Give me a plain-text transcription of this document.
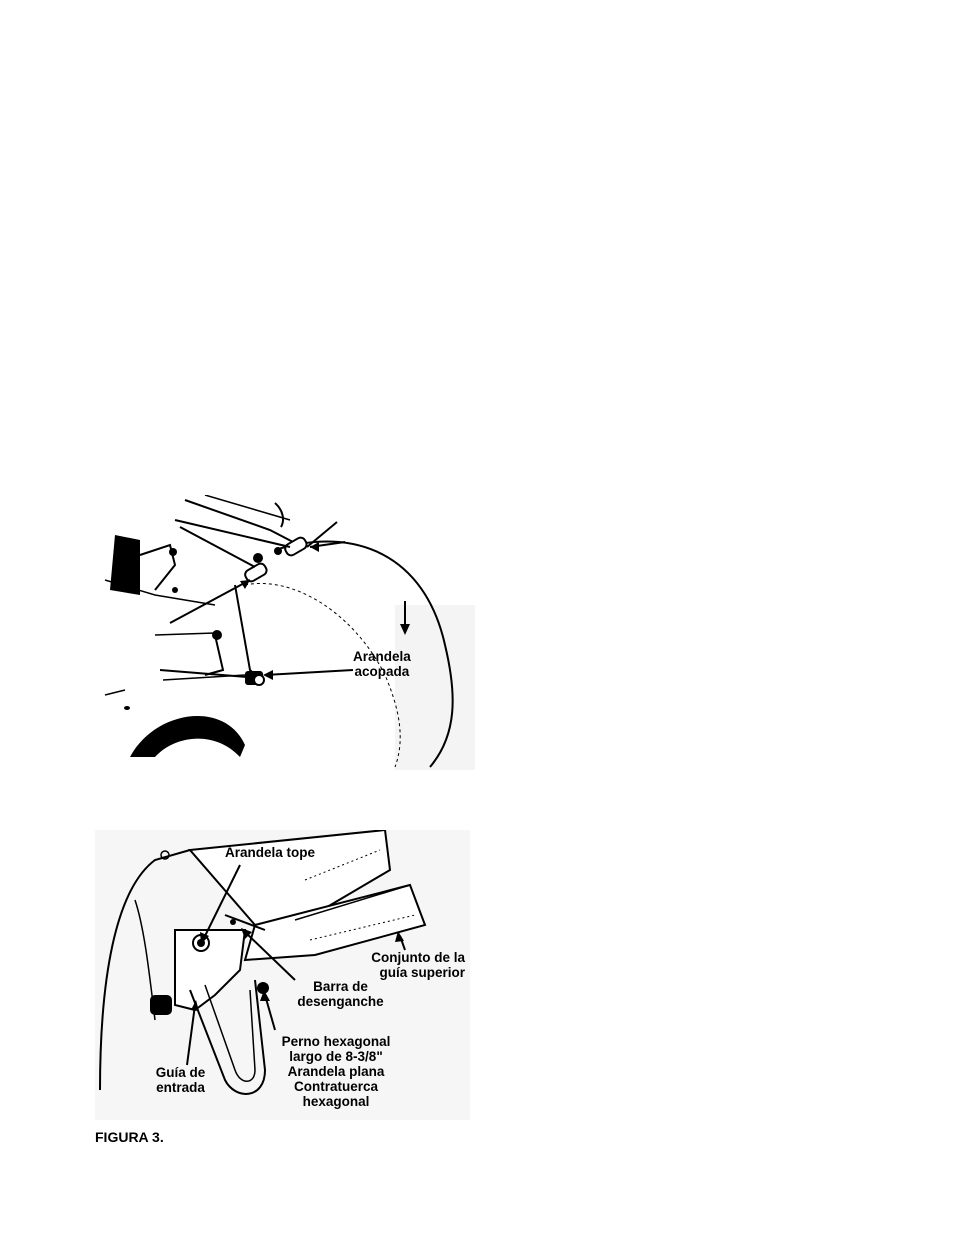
Arandela
acopada
Arandela tope
Conjunto de la
guía superior
Barra de
desenganche
Perno hexagonal
largo de 8-3/8"
Arandela plana
Contratuerca
hexagonal
Guía de
entrada
FIGURA 3.
